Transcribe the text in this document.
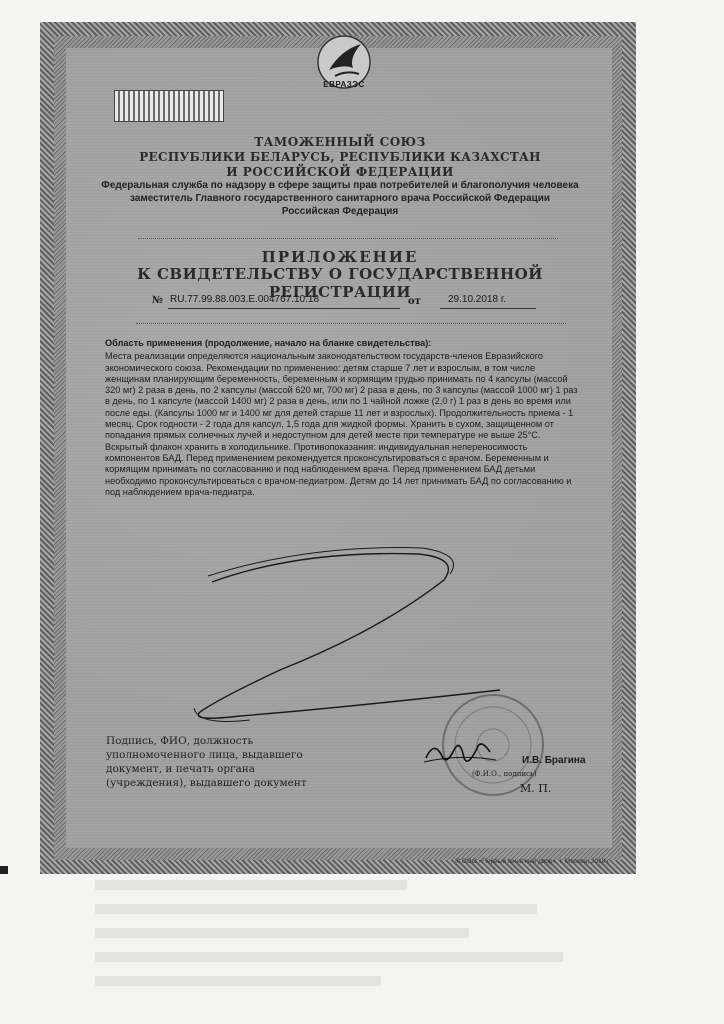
ЕВРАЗЭС
ТАМОЖЕННЫЙ СОЮЗ
РЕСПУБЛИКИ БЕЛАРУСЬ, РЕСПУБЛИКИ КАЗАХСТАН
И РОССИЙСКОЙ ФЕДЕРАЦИИ
Федеральная служба по надзору в сфере защиты прав потребителей и благополучия человека
заместитель Главного государственного санитарного врача Российской Федерации
Российская Федерация
ПРИЛОЖЕНИЕ
К СВИДЕТЕЛЬСТВУ О ГОСУДАРСТВЕННОЙ РЕГИСТРАЦИИ
№ RU.77.99.88.003.E.004767.10.18	от	29.10.2018 г.
Область применения (продолжение, начало на бланке свидетельства):
Места реализации определяются национальным законодательством государств-членов Евразийского экономического союза. Рекомендации по применению: детям старше 7 лет и взрослым, в том числе женщинам планирующим беременность, беременным и кормящим грудью принимать по 4 капсулы (массой 320 мг) 2 раза в день, по 2 капсулы (массой 620 мг, 700 мг) 2 раза в день, по 3 капсулы (массой 1000 мг) 1 раз в день, по 1 капсуле (массой 1400 мг) 2 раза в день, или по 1 чайной ложке (2,0 г) 1 раз в день во время или после еды. (Капсулы 1000 мг и 1400 мг для детей старше 11 лет и взрослых). Продолжительность приема - 1 месяц. Срок годности - 2 года для капсул, 1,5 года для жидкой формы. Хранить в сухом, защищенном от попадания прямых солнечных лучей и недоступном для детей месте при температуре не выше 25°С. Вскрытый флакон хранить в холодильнике. Противопоказания: индивидуальная непереносимость компонентов БАД. Перед применением рекомендуется проконсультироваться с врачом. Беременным и кормящим принимать по согласованию и под наблюдением врача. Перед применением БАД детьми необходимо проконсультироваться с врачом-педиатром. Детям до 14 лет принимать БАД по согласованию и под наблюдением врача-педиатра.
Подпись, ФИО, должность уполномоченного лица, выдавшего документ, и печать органа (учреждения), выдавшего документ
И.В. Брагина
(Ф.И.О., подпись)
М. П.
© ООО «Первый печатный двор», г. Москва, 2018 г.
